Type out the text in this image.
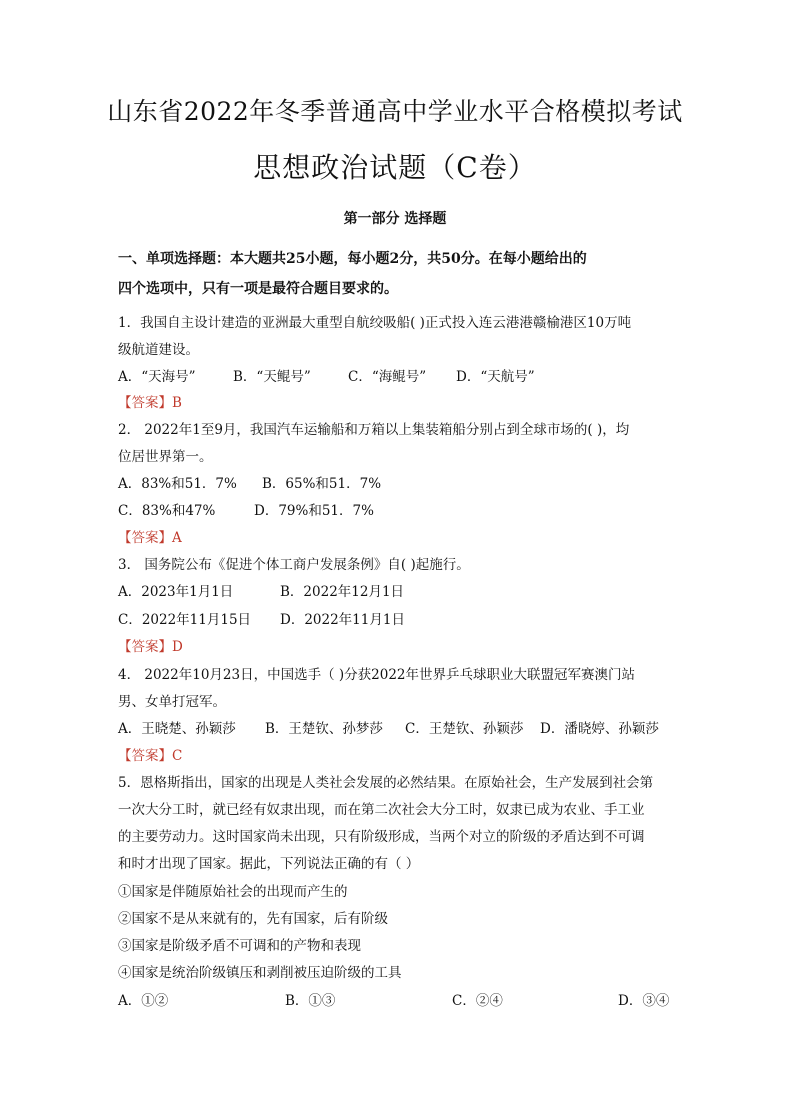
山东省2022年冬季普通高中学业水平合格模拟考试
思想政治试题（C卷）
第一部分 选择题
一、单项选择题：本大题共25小题，每小题2分，共50分。在每小题给出的
四个选项中，只有一项是最符合题目要求的。
1．我国自主设计建造的亚洲最大重型自航绞吸船( )正式投入连云港港赣榆港区10万吨
级航道建设。
A．“天海号”	B．“天鲲号”	C．“海鲲号” D．“天航号”
【答案】B
2． 2022年1至9月，我国汽车运输船和万箱以上集装箱船分别占到全球市场的( )，均
位居世界第一。
A．83%和51．7% B．65%和51．7%
C．83%和47%	D．79%和51．7%
【答案】A
3． 国务院公布《促进个体工商户发展条例》自( )起施行。
A．2023年1月1日	B．2022年12月1日
C．2022年11月15日 D．2022年11月1日
【答案】D
4． 2022年10月23日，中国选手（ )分获2022年世界乒乓球职业大联盟冠军赛澳门站
男、女单打冠军。
A．王晓楚、孙颖莎 B．王楚钦、孙梦莎 C．王楚钦、孙颖莎 D．潘晓婷、孙颖莎
【答案】C
5．恩格斯指出，国家的出现是人类社会发展的必然结果。在原始社会，生产发展到社会第
一次大分工时，就已经有奴隶出现，而在第二次社会大分工时，奴隶已成为农业、手工业
的主要劳动力。这时国家尚未出现，只有阶级形成，当两个对立的阶级的矛盾达到不可调
和时才出现了国家。据此，下列说法正确的有（ ）
①国家是伴随原始社会的出现而产生的
②国家不是从来就有的，先有国家，后有阶级
③国家是阶级矛盾不可调和的产物和表现
④国家是统治阶级镇压和剥削被压迫阶级的工具
A．①②	B．①③	C．②④	D．③④
